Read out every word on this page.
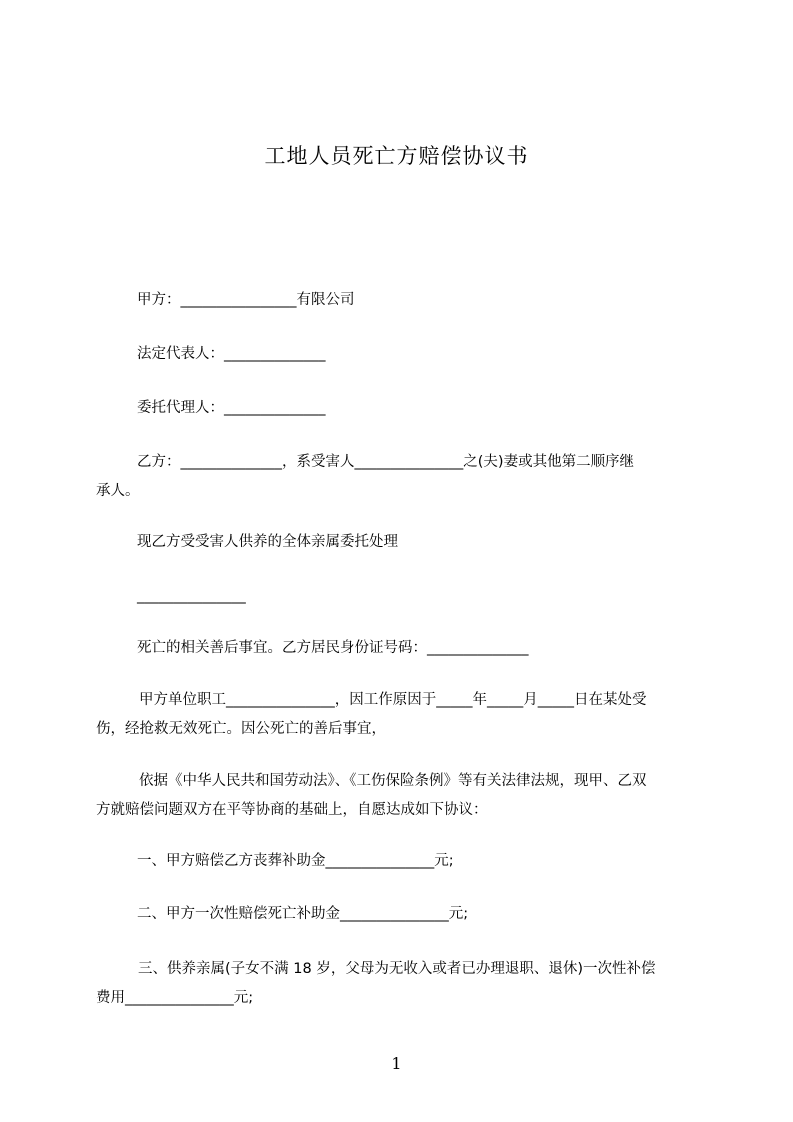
工地人员死亡方赔偿协议书
甲方：________________有限公司
法定代表人：______________
委托代理人：______________
乙方：______________，系受害人_______________之(夫)妻或其他第二顺序继
承人。
现乙方受受害人供养的全体亲属委托处理
_______________
死亡的相关善后事宜。乙方居民身份证号码：______________
甲方单位职工_______________，因工作原因于_____年_____月_____日在某处受
伤，经抢救无效死亡。因公死亡的善后事宜，
依据《中华人民共和国劳动法》、《工伤保险条例》等有关法律法规，现甲、乙双
方就赔偿问题双方在平等协商的基础上，自愿达成如下协议：
一、甲方赔偿乙方丧葬补助金_______________元;
二、甲方一次性赔偿死亡补助金_______________元;
三、供养亲属(子女不满 18 岁，父母为无收入或者已办理退职、退休)一次性补偿
费用_______________元;
1
